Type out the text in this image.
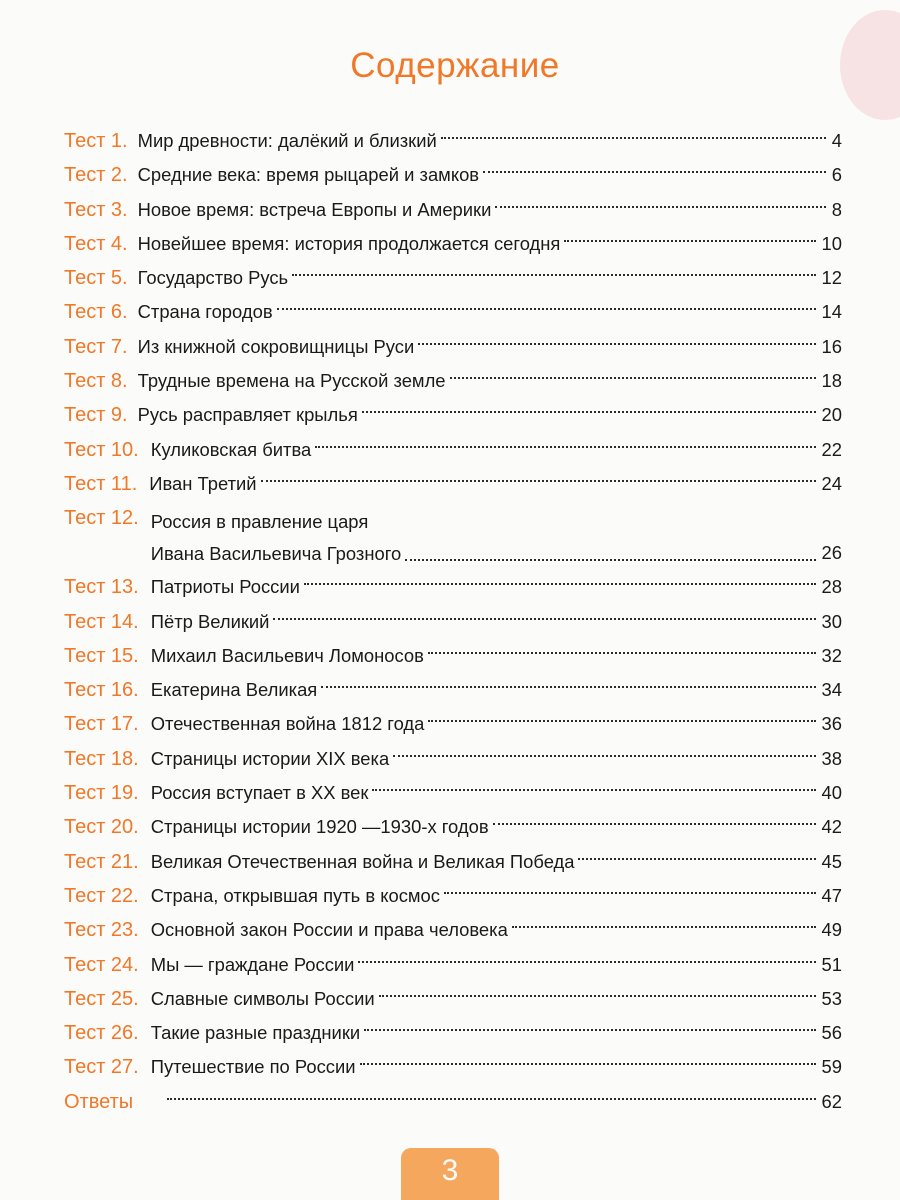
Содержание
Тест 1. Мир древности: далёкий и близкий	4
Тест 2. Средние века: время рыцарей и замков	6
Тест 3. Новое время: встреча Европы и Америки	8
Тест 4. Новейшее время: история продолжается сегодня	10
Тест 5. Государство Русь	12
Тест 6. Страна городов	14
Тест 7. Из книжной сокровищницы Руси	16
Тест 8. Трудные времена на Русской земле	18
Тест 9. Русь расправляет крылья	20
Тест 10. Куликовская битва	22
Тест 11. Иван Третий	24
Тест 12. Россия в правление царя
Ивана Васильевича Грозного	26
Тест 13. Патриоты России	28
Тест 14. Пётр Великий	30
Тест 15. Михаил Васильевич Ломоносов	32
Тест 16. Екатерина Великая	34
Тест 17. Отечественная война 1812 года	36
Тест 18. Страницы истории XIX века	38
Тест 19. Россия вступает в XX век	40
Тест 20. Страницы истории 1920 —1930-х годов	42
Тест 21. Великая Отечественная война и Великая Победа	45
Тест 22. Страна, открывшая путь в космос	47
Тест 23. Основной закон России и права человека	49
Тест 24. Мы — граждане России	51
Тест 25. Славные символы России	53
Тест 26. Такие разные праздники	56
Тест 27. Путешествие по России	59
Ответы	62
3
